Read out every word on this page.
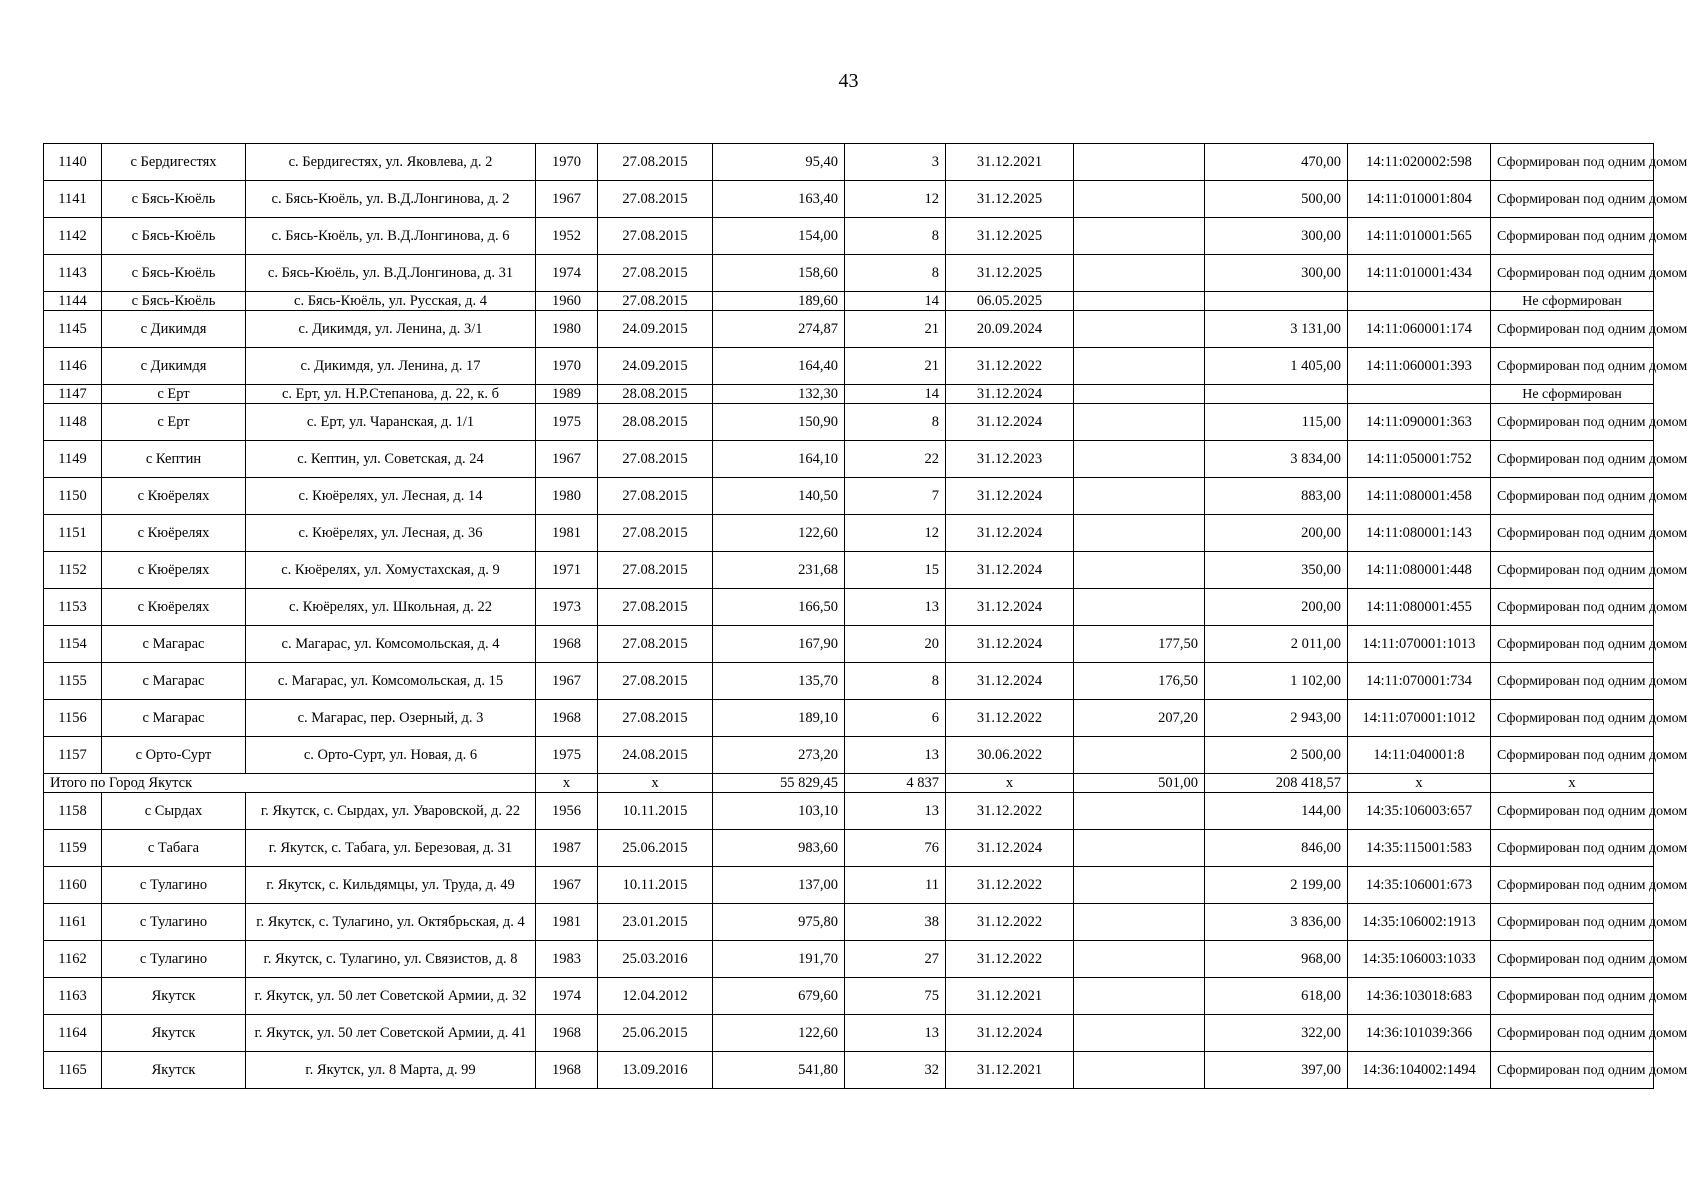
43
1140	с Бердигестях	с. Бердигестях, ул. Яковлева, д. 2	1970	27.08.2015	95,40	3	31.12.2021		470,00	14:11:020002:598	Сформирован под одним домом
1141	с Бясь-Кюёль	с. Бясь-Кюёль, ул. В.Д.Лонгинова, д. 2	1967	27.08.2015	163,40	12	31.12.2025		500,00	14:11:010001:804	Сформирован под одним домом
1142	с Бясь-Кюёль	с. Бясь-Кюёль, ул. В.Д.Лонгинова, д. 6	1952	27.08.2015	154,00	8	31.12.2025		300,00	14:11:010001:565	Сформирован под одним домом
1143	с Бясь-Кюёль	с. Бясь-Кюёль, ул. В.Д.Лонгинова, д. 31	1974	27.08.2015	158,60	8	31.12.2025		300,00	14:11:010001:434	Сформирован под одним домом
1144	с Бясь-Кюёль	с. Бясь-Кюёль, ул. Русская, д. 4	1960	27.08.2015	189,60	14	06.05.2025				Не сформирован
1145	с Дикимдя	с. Дикимдя, ул. Ленина, д. 3/1	1980	24.09.2015	274,87	21	20.09.2024		3 131,00	14:11:060001:174	Сформирован под одним домом
1146	с Дикимдя	с. Дикимдя, ул. Ленина, д. 17	1970	24.09.2015	164,40	21	31.12.2022		1 405,00	14:11:060001:393	Сформирован под одним домом
1147	с Ерт	с. Ерт, ул. Н.Р.Степанова, д. 22, к. б	1989	28.08.2015	132,30	14	31.12.2024				Не сформирован
1148	с Ерт	с. Ерт, ул. Чаранская, д. 1/1	1975	28.08.2015	150,90	8	31.12.2024		115,00	14:11:090001:363	Сформирован под одним домом
1149	с Кептин	с. Кептин, ул. Советская, д. 24	1967	27.08.2015	164,10	22	31.12.2023		3 834,00	14:11:050001:752	Сформирован под одним домом
1150	с Кюёрелях	с. Кюёрелях, ул. Лесная, д. 14	1980	27.08.2015	140,50	7	31.12.2024		883,00	14:11:080001:458	Сформирован под одним домом
1151	с Кюёрелях	с. Кюёрелях, ул. Лесная, д. 36	1981	27.08.2015	122,60	12	31.12.2024		200,00	14:11:080001:143	Сформирован под одним домом
1152	с Кюёрелях	с. Кюёрелях, ул. Хомустахская, д. 9	1971	27.08.2015	231,68	15	31.12.2024		350,00	14:11:080001:448	Сформирован под одним домом
1153	с Кюёрелях	с. Кюёрелях, ул. Школьная, д. 22	1973	27.08.2015	166,50	13	31.12.2024		200,00	14:11:080001:455	Сформирован под одним домом
1154	с Магарас	с. Магарас, ул. Комсомольская, д. 4	1968	27.08.2015	167,90	20	31.12.2024	177,50	2 011,00	14:11:070001:1013	Сформирован под одним домом
1155	с Магарас	с. Магарас, ул. Комсомольская, д. 15	1967	27.08.2015	135,70	8	31.12.2024	176,50	1 102,00	14:11:070001:734	Сформирован под одним домом
1156	с Магарас	с. Магарас, пер. Озерный, д. 3	1968	27.08.2015	189,10	6	31.12.2022	207,20	2 943,00	14:11:070001:1012	Сформирован под одним домом
1157	с Орто-Сурт	с. Орто-Сурт, ул. Новая, д. 6	1975	24.08.2015	273,20	13	30.06.2022		2 500,00	14:11:040001:8	Сформирован под одним домом
Итого по Город Якутск			x	x	55 829,45	4 837	x	501,00	208 418,57	x	x
1158	с Сырдах	г. Якутск, с. Сырдах, ул. Уваровской, д. 22	1956	10.11.2015	103,10	13	31.12.2022		144,00	14:35:106003:657	Сформирован под одним домом
1159	с Табага	г. Якутск, с. Табага, ул. Березовая, д. 31	1987	25.06.2015	983,60	76	31.12.2024		846,00	14:35:115001:583	Сформирован под одним домом
1160	с Тулагино	г. Якутск, с. Кильдямцы, ул. Труда, д. 49	1967	10.11.2015	137,00	11	31.12.2022		2 199,00	14:35:106001:673	Сформирован под одним домом
1161	с Тулагино	г. Якутск, с. Тулагино, ул. Октябрьская, д. 4	1981	23.01.2015	975,80	38	31.12.2022		3 836,00	14:35:106002:1913	Сформирован под одним домом
1162	с Тулагино	г. Якутск, с. Тулагино, ул. Связистов, д. 8	1983	25.03.2016	191,70	27	31.12.2022		968,00	14:35:106003:1033	Сформирован под одним домом
1163	Якутск	г. Якутск, ул. 50 лет Советской Армии, д. 32	1974	12.04.2012	679,60	75	31.12.2021		618,00	14:36:103018:683	Сформирован под одним домом
1164	Якутск	г. Якутск, ул. 50 лет Советской Армии, д. 41	1968	25.06.2015	122,60	13	31.12.2024		322,00	14:36:101039:366	Сформирован под одним домом
1165	Якутск	г. Якутск, ул. 8 Марта, д. 99	1968	13.09.2016	541,80	32	31.12.2021		397,00	14:36:104002:1494	Сформирован под одним домом
